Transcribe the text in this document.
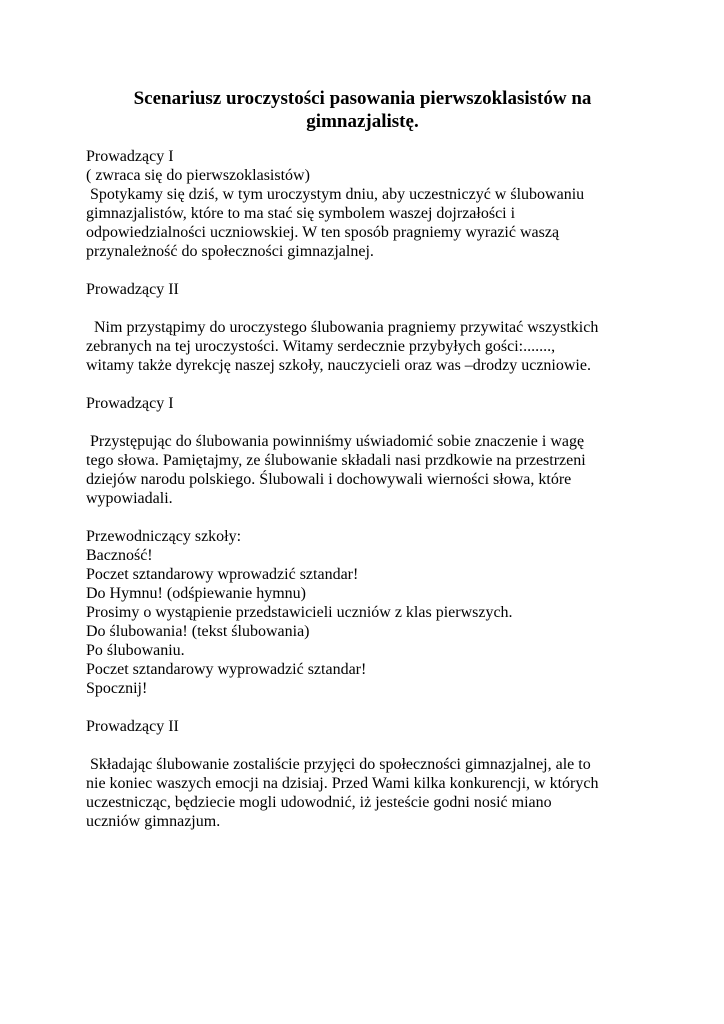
Scenariusz uroczystości pasowania pierwszoklasistów na
gimnazjalistę.
Prowadzący I
( zwraca się do pierwszoklasistów)
Spotykamy się dziś, w tym uroczystym dniu, aby uczestniczyć w ślubowaniu
gimnazjalistów, które to ma stać się symbolem waszej dojrzałości i
odpowiedzialności uczniowskiej. W ten sposób pragniemy wyrazić waszą
przynależność do społeczności gimnazjalnej.
Prowadzący II
Nim przystąpimy do uroczystego ślubowania pragniemy przywitać wszystkich
zebranych na tej uroczystości. Witamy serdecznie przybyłych gości:.......,
witamy także dyrekcję naszej szkoły, nauczycieli oraz was –drodzy uczniowie.
Prowadzący I
Przystępując do ślubowania powinniśmy uświadomić sobie znaczenie i wagę
tego słowa. Pamiętajmy, ze ślubowanie składali nasi przdkowie na przestrzeni
dziejów narodu polskiego. Ślubowali i dochowywali wierności słowa, które
wypowiadali.
Przewodniczący szkoły:
Baczność!
Poczet sztandarowy wprowadzić sztandar!
Do Hymnu! (odśpiewanie hymnu)
Prosimy o wystąpienie przedstawicieli uczniów z klas pierwszych.
Do ślubowania! (tekst ślubowania)
Po ślubowaniu.
Poczet sztandarowy wyprowadzić sztandar!
Spocznij!
Prowadzący II
Składając ślubowanie zostaliście przyjęci do społeczności gimnazjalnej, ale to
nie koniec waszych emocji na dzisiaj. Przed Wami kilka konkurencji, w których
uczestnicząc, będziecie mogli udowodnić, iż jesteście godni nosić miano
uczniów gimnazjum.
